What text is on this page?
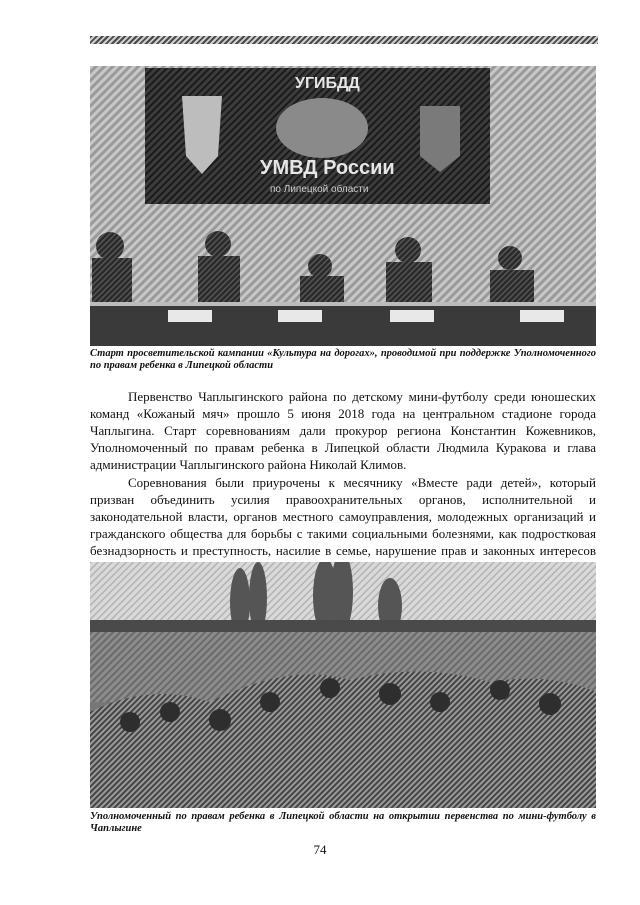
УГИБДД
УМВД России
по Липецкой области

Старт просветительской кампании «Культура на дорогах», проводимой при поддержке Уполномоченного по правам ребенка в Липецкой области

Первенство Чаплыгинского района по детскому мини-футболу среди юношеских команд «Кожаный мяч» прошло 5 июня 2018 года на центральном стадионе города Чаплыгина. Старт соревнованиям дали прокурор региона Константин Кожевников, Уполномоченный по правам ребенка в Липецкой области Людмила Куракова и глава администрации Чаплыгинского района Николай Климов.

Соревнования были приурочены к месячнику «Вместе ради детей», который призван объединить усилия правоохранительных органов, исполнительной и законодательной власти, органов местного самоуправления, молодежных организаций и гражданского общества для борьбы с такими социальными болезнями, как подростковая безнадзорность и преступность, насилие в семье, нарушение прав и законных интересов

Уполномоченный по правам ребенка в Липецкой области на открытии первенства по мини-футболу в Чаплыгине

74
